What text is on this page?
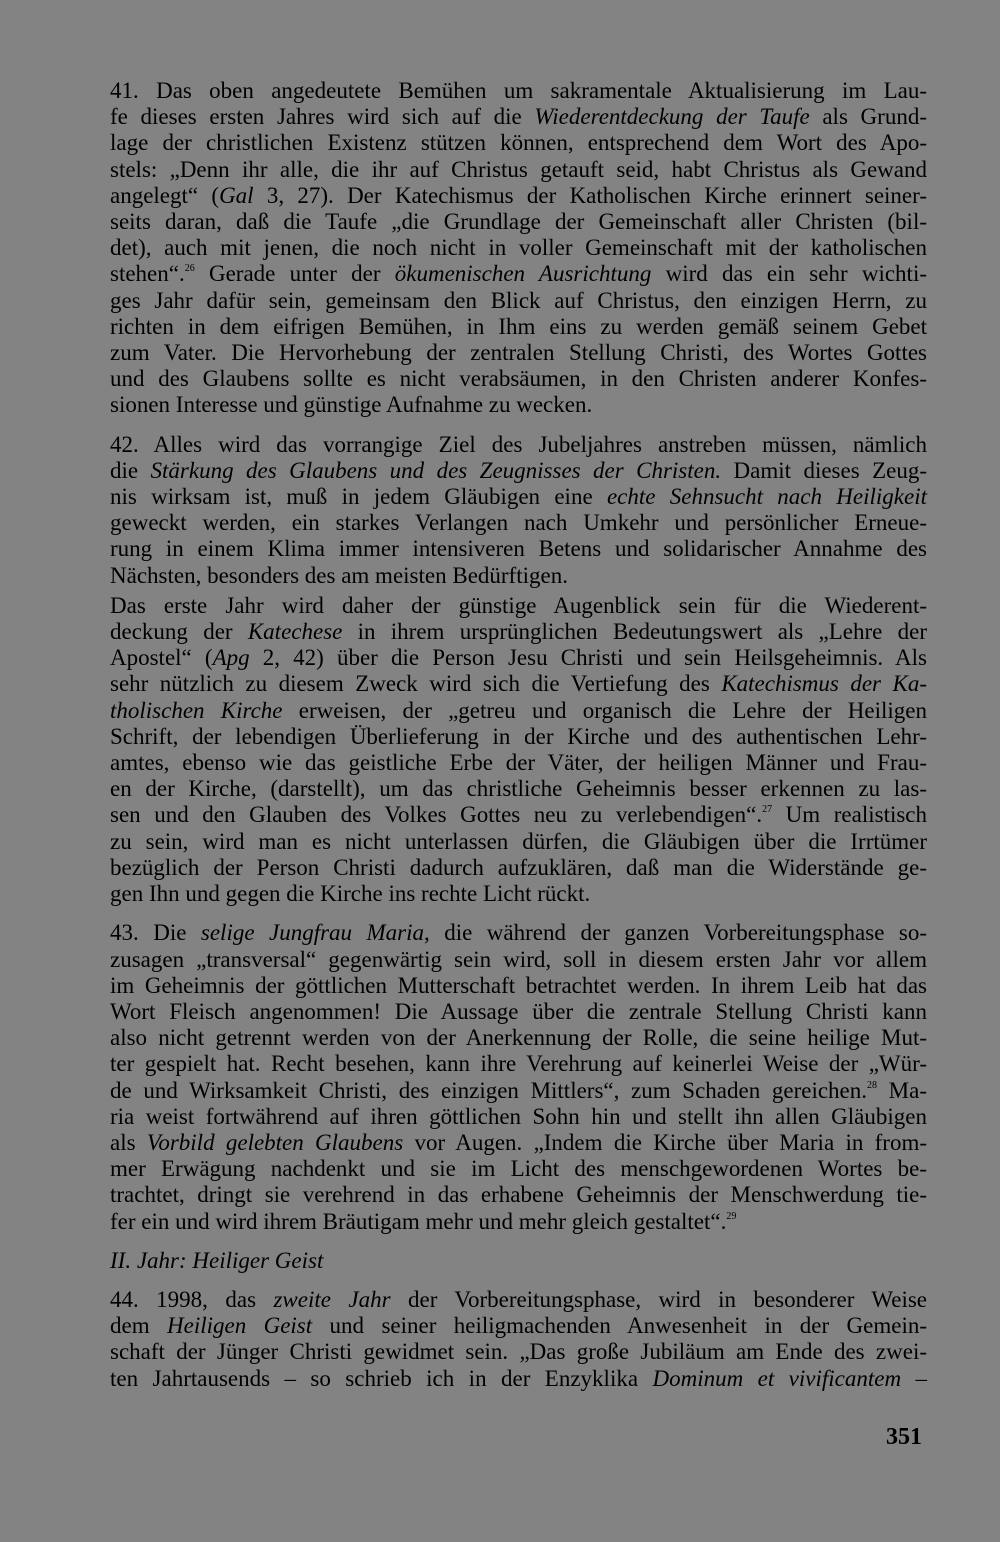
41. Das oben angedeutete Bemühen um sakramentale Aktualisierung im Lau-
fe dieses ersten Jahres wird sich auf die Wiederentdeckung der Taufe als Grund-
lage der christlichen Existenz stützen können, entsprechend dem Wort des Apo-
stels: „Denn ihr alle, die ihr auf Christus getauft seid, habt Christus als Gewand
angelegt“ (Gal 3, 27). Der Katechismus der Katholischen Kirche erinnert seiner-
seits daran, daß die Taufe „die Grundlage der Gemeinschaft aller Christen (bil-
det), auch mit jenen, die noch nicht in voller Gemeinschaft mit der katholischen
stehen“.$^{26}$ Gerade unter der ökumenischen Ausrichtung wird das ein sehr wichti-
ges Jahr dafür sein, gemeinsam den Blick auf Christus, den einzigen Herrn, zu
richten in dem eifrigen Bemühen, in Ihm eins zu werden gemäß seinem Gebet
zum Vater. Die Hervorhebung der zentralen Stellung Christi, des Wortes Gottes
und des Glaubens sollte es nicht verabsäumen, in den Christen anderer Konfes-
sionen Interesse und günstige Aufnahme zu wecken.
42. Alles wird das vorrangige Ziel des Jubeljahres anstreben müssen, nämlich
die Stärkung des Glaubens und des Zeugnisses der Christen. Damit dieses Zeug-
nis wirksam ist, muß in jedem Gläubigen eine echte Sehnsucht nach Heiligkeit
geweckt werden, ein starkes Verlangen nach Umkehr und persönlicher Erneue-
rung in einem Klima immer intensiveren Betens und solidarischer Annahme des
Nächsten, besonders des am meisten Bedürftigen.
Das erste Jahr wird daher der günstige Augenblick sein für die Wiederent-
deckung der Katechese in ihrem ursprünglichen Bedeutungswert als „Lehre der
Apostel“ (Apg 2, 42) über die Person Jesu Christi und sein Heilsgeheimnis. Als
sehr nützlich zu diesem Zweck wird sich die Vertiefung des Katechismus der Ka-
tholischen Kirche erweisen, der „getreu und organisch die Lehre der Heiligen
Schrift, der lebendigen Überlieferung in der Kirche und des authentischen Lehr-
amtes, ebenso wie das geistliche Erbe der Väter, der heiligen Männer und Frau-
en der Kirche, (darstellt), um das christliche Geheimnis besser erkennen zu las-
sen und den Glauben des Volkes Gottes neu zu verlebendigen“.$^{27}$ Um realistisch
zu sein, wird man es nicht unterlassen dürfen, die Gläubigen über die Irrtümer
bezüglich der Person Christi dadurch aufzuklären, daß man die Widerstände ge-
gen Ihn und gegen die Kirche ins rechte Licht rückt.
43. Die selige Jungfrau Maria, die während der ganzen Vorbereitungsphase so-
zusagen „transversal“ gegenwärtig sein wird, soll in diesem ersten Jahr vor allem
im Geheimnis der göttlichen Mutterschaft betrachtet werden. In ihrem Leib hat das
Wort Fleisch angenommen! Die Aussage über die zentrale Stellung Christi kann
also nicht getrennt werden von der Anerkennung der Rolle, die seine heilige Mut-
ter gespielt hat. Recht besehen, kann ihre Verehrung auf keinerlei Weise der „Wür-
de und Wirksamkeit Christi, des einzigen Mittlers“, zum Schaden gereichen.$^{28}$ Ma-
ria weist fortwährend auf ihren göttlichen Sohn hin und stellt ihn allen Gläubigen
als Vorbild gelebten Glaubens vor Augen. „Indem die Kirche über Maria in from-
mer Erwägung nachdenkt und sie im Licht des menschgewordenen Wortes be-
trachtet, dringt sie verehrend in das erhabene Geheimnis der Menschwerdung tie-
fer ein und wird ihrem Bräutigam mehr und mehr gleich gestaltet“.$^{29}$
II. Jahr: Heiliger Geist
44. 1998, das zweite Jahr der Vorbereitungsphase, wird in besonderer Weise
dem Heiligen Geist und seiner heiligmachenden Anwesenheit in der Gemein-
schaft der Jünger Christi gewidmet sein. „Das große Jubiläum am Ende des zwei-
ten Jahrtausends – so schrieb ich in der Enzyklika Dominum et vivificantem –
351
